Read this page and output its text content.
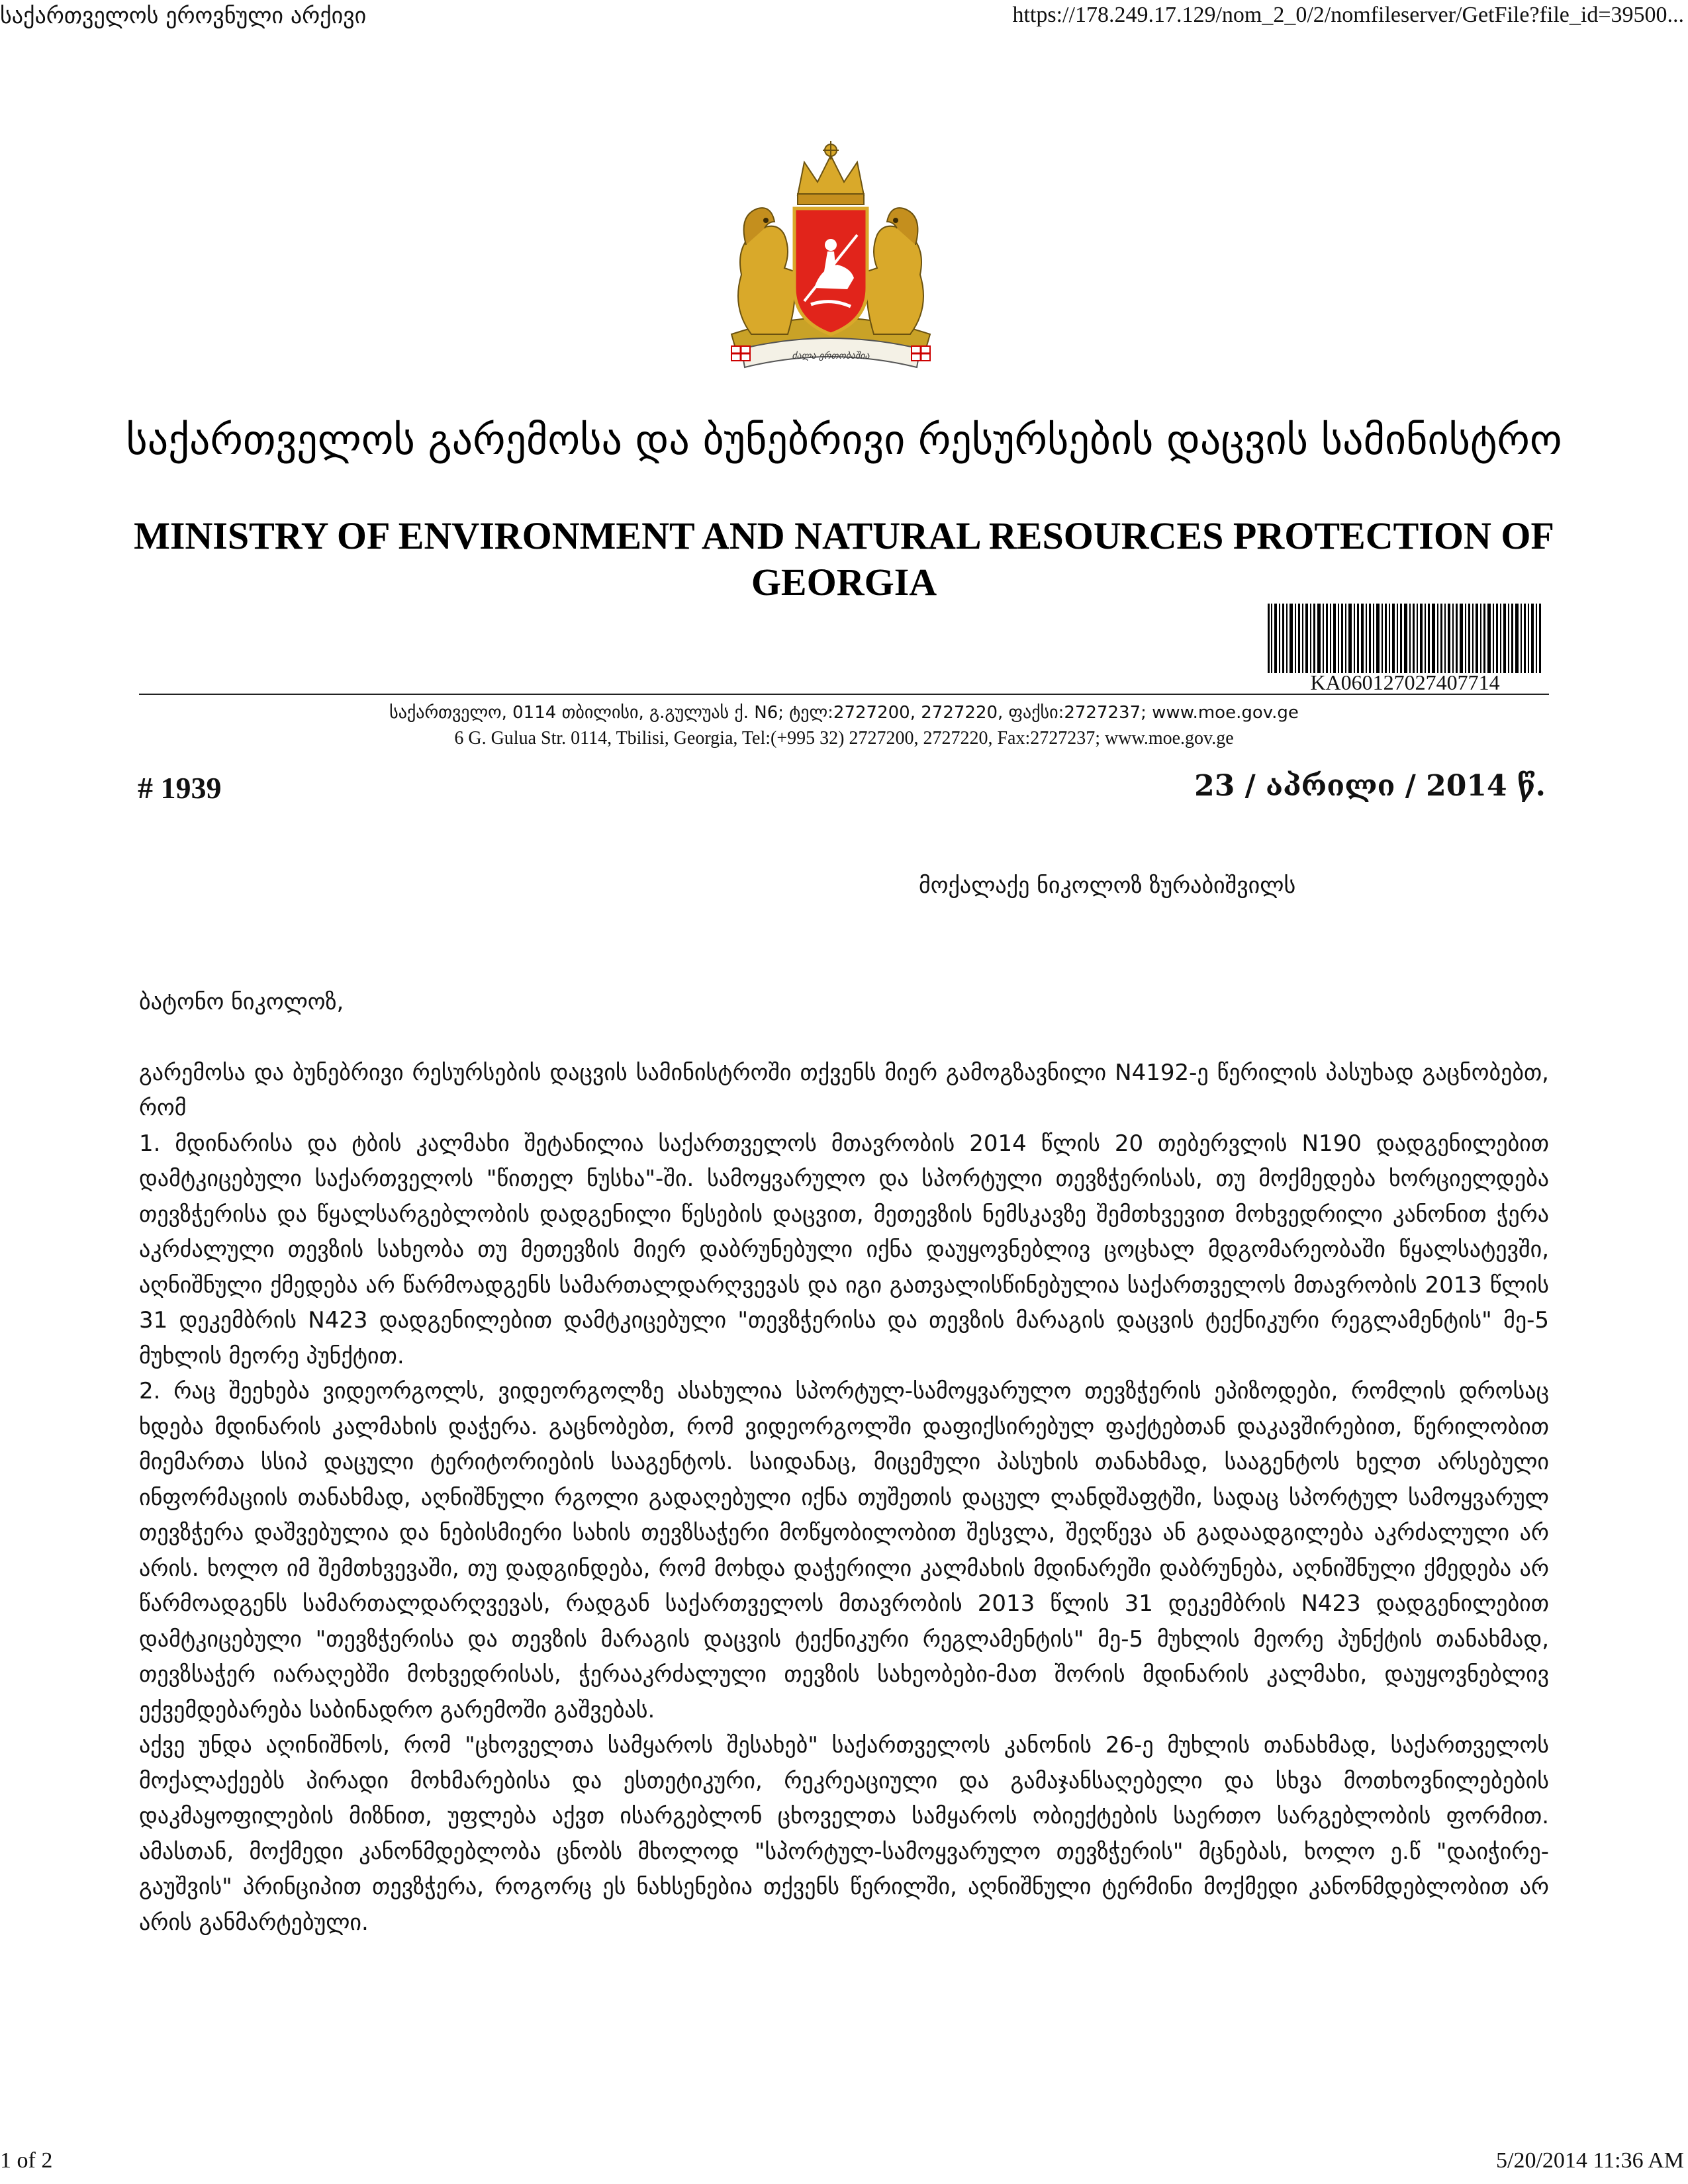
საქართველოს ეროვნული არქივი	https://178.249.17.129/nom_2_0/2/nomfileserver/GetFile?file_id=39500...
1 of 2	5/20/2014 11:36 AM
ძალა ერთობაშია
საქართველოს გარემოსა და ბუნებრივი რესურსების დაცვის სამინისტრო
MINISTRY OF ENVIRONMENT AND NATURAL RESOURCES PROTECTION OF GEORGIA
KA060127027407714
საქართველო, 0114 თბილისი, გ.გულუას ქ. N6; ტელ:2727200, 2727220, ფაქსი:2727237; www.moe.gov.ge
6 G. Gulua Str. 0114, Tbilisi, Georgia, Tel:(+995 32) 2727200, 2727220, Fax:2727237; www.moe.gov.ge
# 1939	23 / აპრილი / 2014 წ.
მოქალაქე ნიკოლოზ ზურაბიშვილს

ბატონო ნიკოლოზ,

გარემოსა და ბუნებრივი რესურსების დაცვის სამინისტროში თქვენს მიერ გამოგზავნილი N4192-ე წერილის პასუხად გაცნობებთ, რომ

1. მდინარისა და ტბის კალმახი შეტანილია საქართველოს მთავრობის 2014 წლის 20 თებერვლის N190 დადგენილებით დამტკიცებული საქართველოს "წითელ ნუსხა"-ში. სამოყვარულო და სპორტული თევზჭერისას, თუ მოქმედება ხორციელდება თევზჭერისა და წყალსარგებლობის დადგენილი წესების დაცვით, მეთევზის ნემსკავზე შემთხვევით მოხვედრილი კანონით ჭერა აკრძალული თევზის სახეობა თუ მეთევზის მიერ დაბრუნებული იქნა დაუყოვნებლივ ცოცხალ მდგომარეობაში წყალსატევში, აღნიშნული ქმედება არ წარმოადგენს სამართალდარღვევას და იგი გათვალისწინებულია საქართველოს მთავრობის 2013 წლის 31 დეკემბრის N423 დადგენილებით დამტკიცებული "თევზჭერისა და თევზის მარაგის დაცვის ტექნიკური რეგლამენტის" მე-5 მუხლის მეორე პუნქტით.

2. რაც შეეხება ვიდეორგოლს, ვიდეორგოლზე ასახულია სპორტულ-სამოყვარულო თევზჭერის ეპიზოდები, რომლის დროსაც ხდება მდინარის კალმახის დაჭერა. გაცნობებთ, რომ ვიდეორგოლში დაფიქსირებულ ფაქტებთან დაკავშირებით, წერილობით მიემართა სსიპ დაცული ტერიტორიების სააგენტოს. საიდანაც, მიცემული პასუხის თანახმად, სააგენტოს ხელთ არსებული ინფორმაციის თანახმად, აღნიშნული რგოლი გადაღებული იქნა თუშეთის დაცულ ლანდშაფტში, სადაც სპორტულ სამოყვარულ თევზჭერა დაშვებულია და ნებისმიერი სახის თევზსაჭერი მოწყობილობით შესვლა, შეღწევა ან გადაადგილება აკრძალული არ არის. ხოლო იმ შემთხვევაში, თუ დადგინდება, რომ მოხდა დაჭერილი კალმახის მდინარეში დაბრუნება, აღნიშნული ქმედება არ წარმოადგენს სამართალდარღვევას, რადგან საქართველოს მთავრობის 2013 წლის 31 დეკემბრის N423 დადგენილებით დამტკიცებული "თევზჭერისა და თევზის მარაგის დაცვის ტექნიკური რეგლამენტის" მე-5 მუხლის მეორე პუნქტის თანახმად, თევზსაჭერ იარაღებში მოხვედრისას, ჭერააკრძალული თევზის სახეობები-მათ შორის მდინარის კალმახი, დაუყოვნებლივ ექვემდებარება საბინადრო გარემოში გაშვებას.

აქვე უნდა აღინიშნოს, რომ "ცხოველთა სამყაროს შესახებ" საქართველოს კანონის 26-ე მუხლის თანახმად, საქართველოს მოქალაქეებს პირადი მოხმარებისა და ესთეტიკური, რეკრეაციული და გამაჯანსაღებელი და სხვა მოთხოვნილებების დაკმაყოფილების მიზნით, უფლება აქვთ ისარგებლონ ცხოველთა სამყაროს ობიექტების საერთო სარგებლობის ფორმით. ამასთან, მოქმედი კანონმდებლობა ცნობს მხოლოდ "სპორტულ-სამოყვარულო თევზჭერის" მცნებას, ხოლო ე.წ "დაიჭირე-გაუშვის" პრინციპით თევზჭერა, როგორც ეს ნახსენებია თქვენს წერილში, აღნიშნული ტერმინი მოქმედი კანონმდებლობით არ არის განმარტებული.
